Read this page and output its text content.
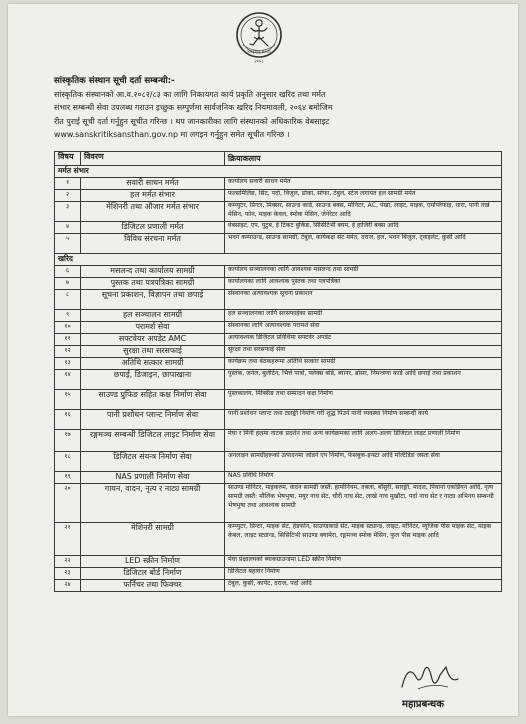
२०५८
सांस्कृतिक संस्थान
सांस्कृतिक संस्थान सूची दर्ता सम्बन्धी:-
सांस्कृतिक संस्थानको आ.व.२०८२/८३ का लागि निकायगत कार्य प्रकृति अनुसार खरिद तथा मर्मत
संभार सम्बन्धी सेवा उपलब्ध गराउन इच्छुक सम्पुर्णमा सार्वजनिक खरिद नियमावली, २०६४ बमोजिम
रीत पुराई सूची दर्ता गर्नुहुन सूचीत गरिन्छ । थप जानकारीका लागि संस्थानको अधिकारिक वेबसाइट
www.sanskritiksansthan.gov.np मा लगइन गर्नुहुन समेत सूचीत गरिन्छ ।
विषय	विवरण	क्रियाकलाप
मर्मत संभार		
१	सवारी साधन मर्मत	कार्यालय सवारी साधन मर्मत
२	हल मर्मत संभार	फल्समिलिङ, सिट, पर्दा, विजुल, ढोका, सोफा, टेबुल, स्टेज लगायत हल सामग्री मर्मत
३	मेशिनरी तथा औजार मर्मत संभार	कम्प्युटर, प्रिन्टर, मिक्सर, साउन्ड कार्ड, साउन्ड बक्स, मोनिटर, AC, पंखा, लाइट, माइक, एमप्लिफाइ, धारा, पानी तान्ने मेसिन, फोन, माइक केवल, स्मोक मेसिन, जेनेरेटर आदि
४	डिजिटल प्रणाली मर्मत	वेबसाइट, एप, युटुब, ई टिकट बुकिङ, सिसिटिभी क्यम, ई हाजिरी बक्स आदि
५	विविध संरचना मर्मत	भवन कम्पाउन्ड, साउन्ड सामग्री, टेबुल, कार्यकक्ष सेट मर्मत, दराज, हल, भवन बिजुल, ट्वाइलेट, कुर्सी आदि
खरिद		
६	मसलन्द तथा कार्यालय सामग्री	कार्यालय सञ्चालनका लागि आवश्यक मसलन्द तथा सामग्री
७	पुस्तक तथा पत्रपत्रिका सामग्री	कार्यालयका लागि आवश्यक पुस्तक तथा पत्रपत्रिका
८	सूचना प्रकाशन, विज्ञापन तथा छपाई	संस्थानका अत्यावश्यक सूचना प्रकाशन
९	हल सञ्चालन सामग्री	हल सञ्चालनका लागि सरसफाईका सामग्री
१०	परामर्श सेवा	संस्थानका लागि अत्यावश्यक परामर्श सेवा
११	सफ्टवेयर अपडेट AMC	अत्यावश्यक डिजिटल प्रविधिमा सफ्टवेर अपडेट
१२	सुरक्षा तथा सरसफाई	सुरक्षा तथा सरसफाई सेवा
१३	अतिथि सत्कार सामग्री	कार्यक्रम तथा बेठकहरूमा अतिथि सत्कार सामग्री
१४	छपाई, डिजाइन, छापाखाना	पुस्तक, जर्नल, बुलेटिन, भित्ते पात्रो, फ्लेक्स बोर्ड, ब्यानर, ब्रोसर, निमन्त्रणा कार्ड आदि छपाई तथा प्रकाशन
१५	साउण्ड प्रुफिङ सहित कक्ष निर्माण सेवा	पुस्तकालय, मिक्सिङ तथा सम्मादन कक्ष निर्माण
१६	पानी प्रशोधन प्लान्ट निर्माण सेवा	पानी प्रशोधन प्लान्ट तथा ट्याङ्की निर्माण गरी शुद्ध पिउने पानी व्यवस्था निर्माण सम्बन्धी कार्य
१७	रङ्गमञ्च सम्बन्धी डिजिटल लाइट निर्माण सेवा	मेघा र मिनी हलमा नाटक प्रदर्शन तथा अन्य कार्यक्रमका लागि अलग-अलग डिजिटल लाइट प्रणाली निर्माण
१८	डिजिटल संयन्त्र निर्माण सेवा	अनलाइन सामग्रीहरूको उत्पादनमा जोडने एप निर्माण, फेसबुक-इन्स्टा आदि मल्टिडिङ जस्ता सेवा
१९	NAS प्रणाली निर्माण सेवा	NAS प्रविधि निर्माण
२०	गायन, वादन, नृत्य र नाट्य सामग्री	साउण्ड मोनिटर, माइकरुम, वादन सामग्री जस्तै: हार्मोनियम, तबला, बाँसुरी, सारङ्गी, मादल, पियानो एकर्डियन आदि, नृत्य सामग्री जस्तै: मौलिक भेषभुषा, मयुर नाच सेट, चौरी नाच सेट, लाखे नाच मुखौटा, पर्दा नाच सेट र नाट्य अभिनय सम्बन्धी भेषभुषा तथा आवश्यक सामग्री
२१	मेशिनरी सामग्री	कम्प्युटर, प्रिन्टर, माइक सेट, हेडफोन, साउण्डकार्ड सेट, माइक स्ट्यान्ड, लाइट, मोनिटर, म्यूजिक पीस माइक सेट, माइक केबल, लाइट स्ट्यान्ड, सिसिटिभी साउण्ड क्यामेरा, रङ्गमञ्च स्मोक मेसिन, फुल पीस माइक आदि
२२	LED स्क्रीन निर्माण	मेघा प्रेक्षालयको ब्याकग्राउन्डमा LED स्क्रीन निर्माण
२३	डिजिटल बोर्ड निर्माण	डिजिटल बहाघर निर्माण
२४	फर्निचर तथा फिक्चर	टेबुल, कुर्सी, कार्पेट, दराज, पर्दा आदि
महाप्रबन्धक
